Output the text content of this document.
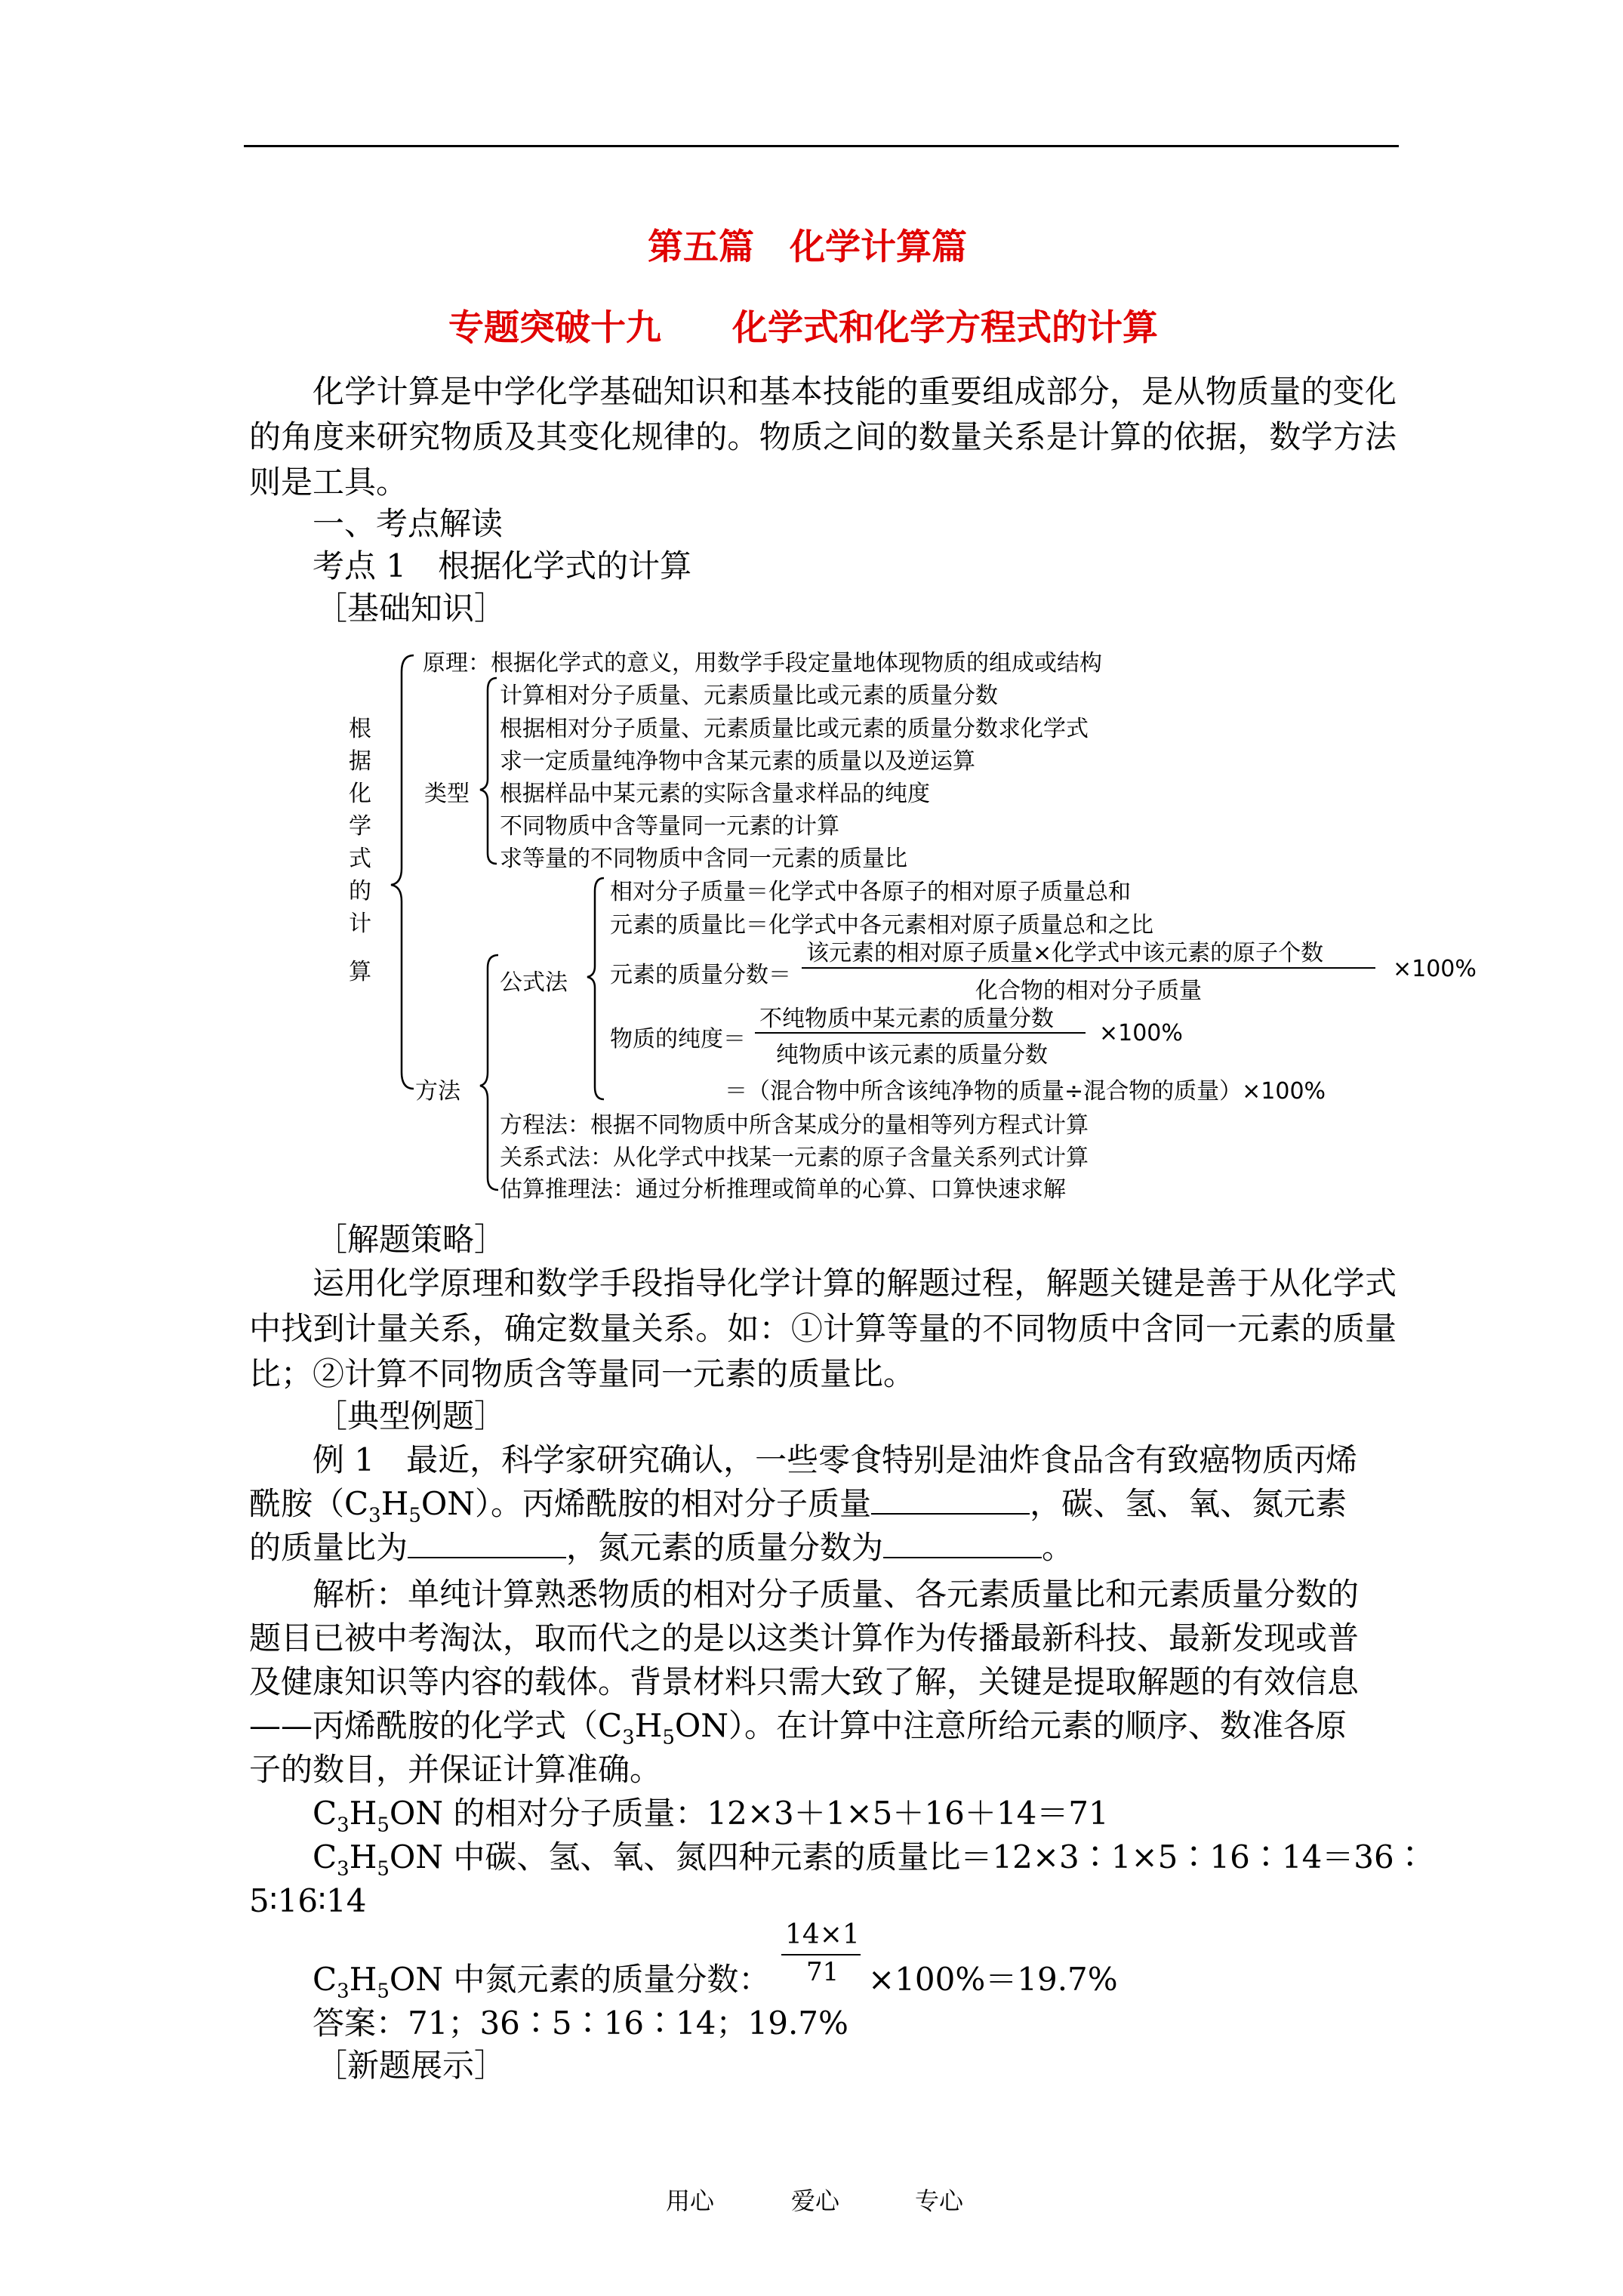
第五篇　化学计算篇
专题突破十九　　化学式和化学方程式的计算
化学计算是中学化学基础知识和基本技能的重要组成部分，是从物质量的变化的角度来研究物质及其变化规律的。物质之间的数量关系是计算的依据，数学方法则是工具。
一、考点解读
考点 1　根据化学式的计算
［基础知识］
根
据
化
学
式
的
计
算
原理：根据化学式的意义，用数学手段定量地体现物质的组成或结构
类型
计算相对分子质量、元素质量比或元素的质量分数
根据相对分子质量、元素质量比或元素的质量分数求化学式
求一定质量纯净物中含某元素的质量以及逆运算
根据样品中某元素的实际含量求样品的纯度
不同物质中含等量同一元素的计算
求等量的不同物质中含同一元素的质量比
方法
公式法
相对分子质量＝化学式中各原子的相对原子质量总和
元素的质量比＝化学式中各元素相对原子质量总和之比
元素的质量分数＝
该元素的相对原子质量×化学式中该元素的原子个数
化合物的相对分子质量
×100%
物质的纯度＝
不纯物质中某元素的质量分数
纯物质中该元素的质量分数
×100%
＝（混合物中所含该纯净物的质量÷混合物的质量）×100%
方程法：根据不同物质中所含某成分的量相等列方程式计算
关系式法：从化学式中找某一元素的原子含量关系列式计算
估算推理法：通过分析推理或简单的心算、口算快速求解
［解题策略］
运用化学原理和数学手段指导化学计算的解题过程，解题关键是善于从化学式中找到计量关系，确定数量关系。如：①计算等量的不同物质中含同一元素的质量比；②计算不同物质含等量同一元素的质量比。
［典型例题］
例 1　最近，科学家研究确认，一些零食特别是油炸食品含有致癌物质丙烯
酰胺$(C_3H_5ON)$。丙烯酰胺的相对分子质量	，碳、氢、氧、氮元素
的质量比为	，氮元素的质量分数为	。
解析：单纯计算熟悉物质的相对分子质量、各元素质量比和元素质量分数的
题目已被中考淘汰，取而代之的是以这类计算作为传播最新科技、最新发现或普
及健康知识等内容的载体。背景材料只需大致了解，关键是提取解题的有效信息
——丙烯酰胺的化学式$(C_3H_5ON)$。在计算中注意所给元素的顺序、数准各原
子的数目，并保证计算准确。
$C_3H_5ON$ 的相对分子质量：12×3＋1×5＋16＋14＝71
$C_3H_5ON$ 中碳、氢、氧、氮四种元素的质量比＝12×3∶1×5∶16∶14＝36∶
5∶16∶14
$C_3H_5ON$ 中氮元素的质量分数：
14×1
71 ×100%＝19.7%
答案：71；36∶5∶16∶14；19.7%
［新题展示］
用心	爱心	专心
